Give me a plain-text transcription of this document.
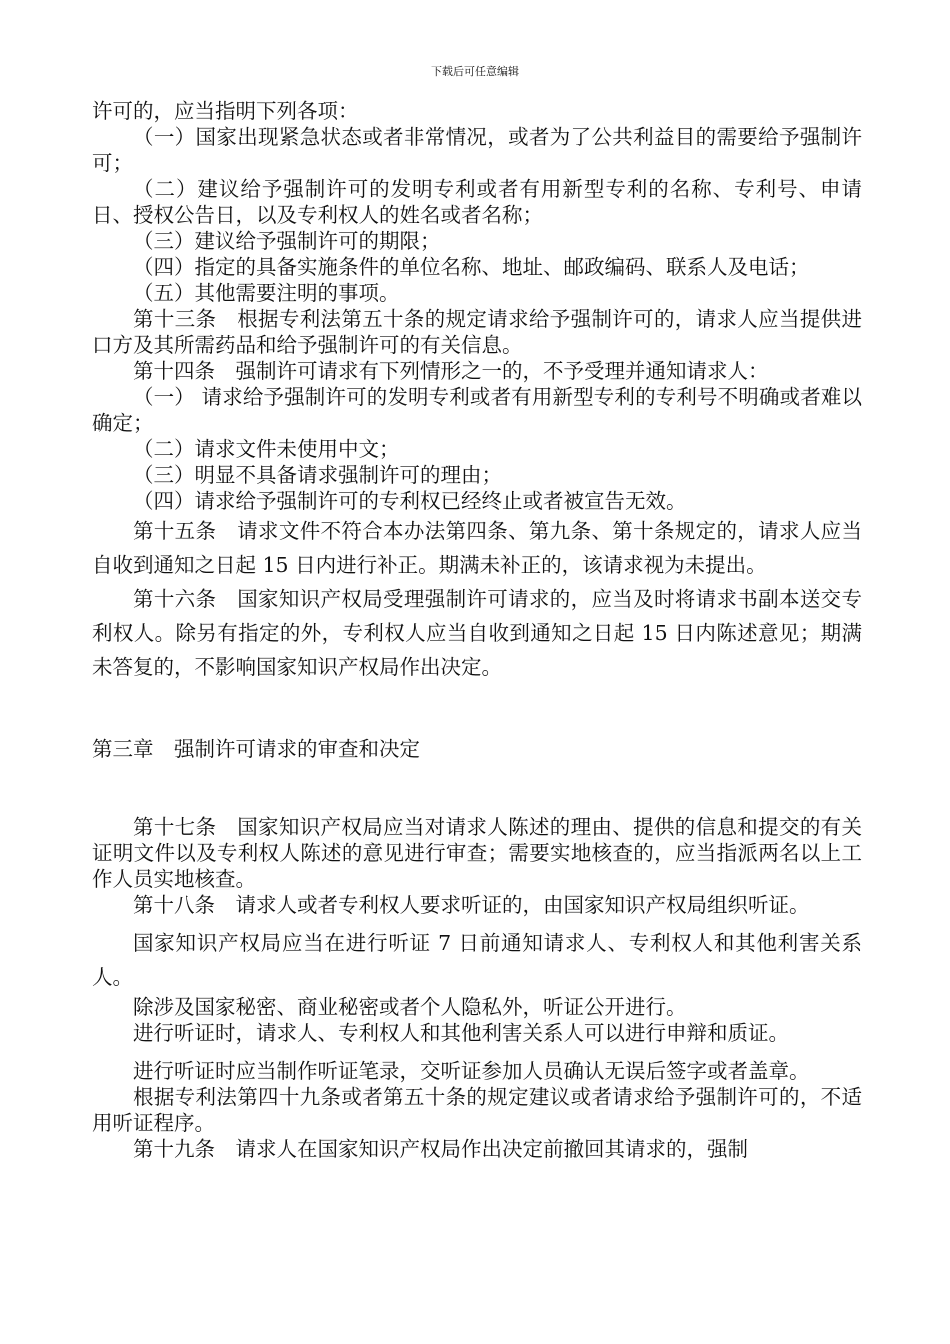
下载后可任意编辑

许可的，应当指明下列各项：

（一）国家出现紧急状态或者非常情况，或者为了公共利益目的需要给予强制许可；

（二）建议给予强制许可的发明专利或者有用新型专利的名称、专利号、申请日、授权公告日，以及专利权人的姓名或者名称；

（三）建议给予强制许可的期限；

（四）指定的具备实施条件的单位名称、地址、邮政编码、联系人及电话；

（五）其他需要注明的事项。

第十三条　根据专利法第五十条的规定请求给予强制许可的，请求人应当提供进口方及其所需药品和给予强制许可的有关信息。

第十四条　强制许可请求有下列情形之一的，不予受理并通知请求人：

（一） 请求给予强制许可的发明专利或者有用新型专利的专利号不明确或者难以确定；

（二）请求文件未使用中文；

（三）明显不具备请求强制许可的理由；

（四）请求给予强制许可的专利权已经终止或者被宣告无效。

第十五条　请求文件不符合本办法第四条、第九条、第十条规定的，请求人应当自收到通知之日起 15 日内进行补正。期满未补正的，该请求视为未提出。

第十六条　国家知识产权局受理强制许可请求的，应当及时将请求书副本送交专利权人。除另有指定的外，专利权人应当自收到通知之日起 15 日内陈述意见；期满未答复的，不影响国家知识产权局作出决定。

第三章　强制许可请求的审查和决定

第十七条　国家知识产权局应当对请求人陈述的理由、提供的信息和提交的有关证明文件以及专利权人陈述的意见进行审查；需要实地核查的，应当指派两名以上工作人员实地核查。

第十八条　请求人或者专利权人要求听证的，由国家知识产权局组织听证。

国家知识产权局应当在进行听证 7 日前通知请求人、专利权人和其他利害关系人。

除涉及国家秘密、商业秘密或者个人隐私外，听证公开进行。

进行听证时，请求人、专利权人和其他利害关系人可以进行申辩和质证。

进行听证时应当制作听证笔录，交听证参加人员确认无误后签字或者盖章。

根据专利法第四十九条或者第五十条的规定建议或者请求给予强制许可的，不适用听证程序。

第十九条　请求人在国家知识产权局作出决定前撤回其请求的，强制
